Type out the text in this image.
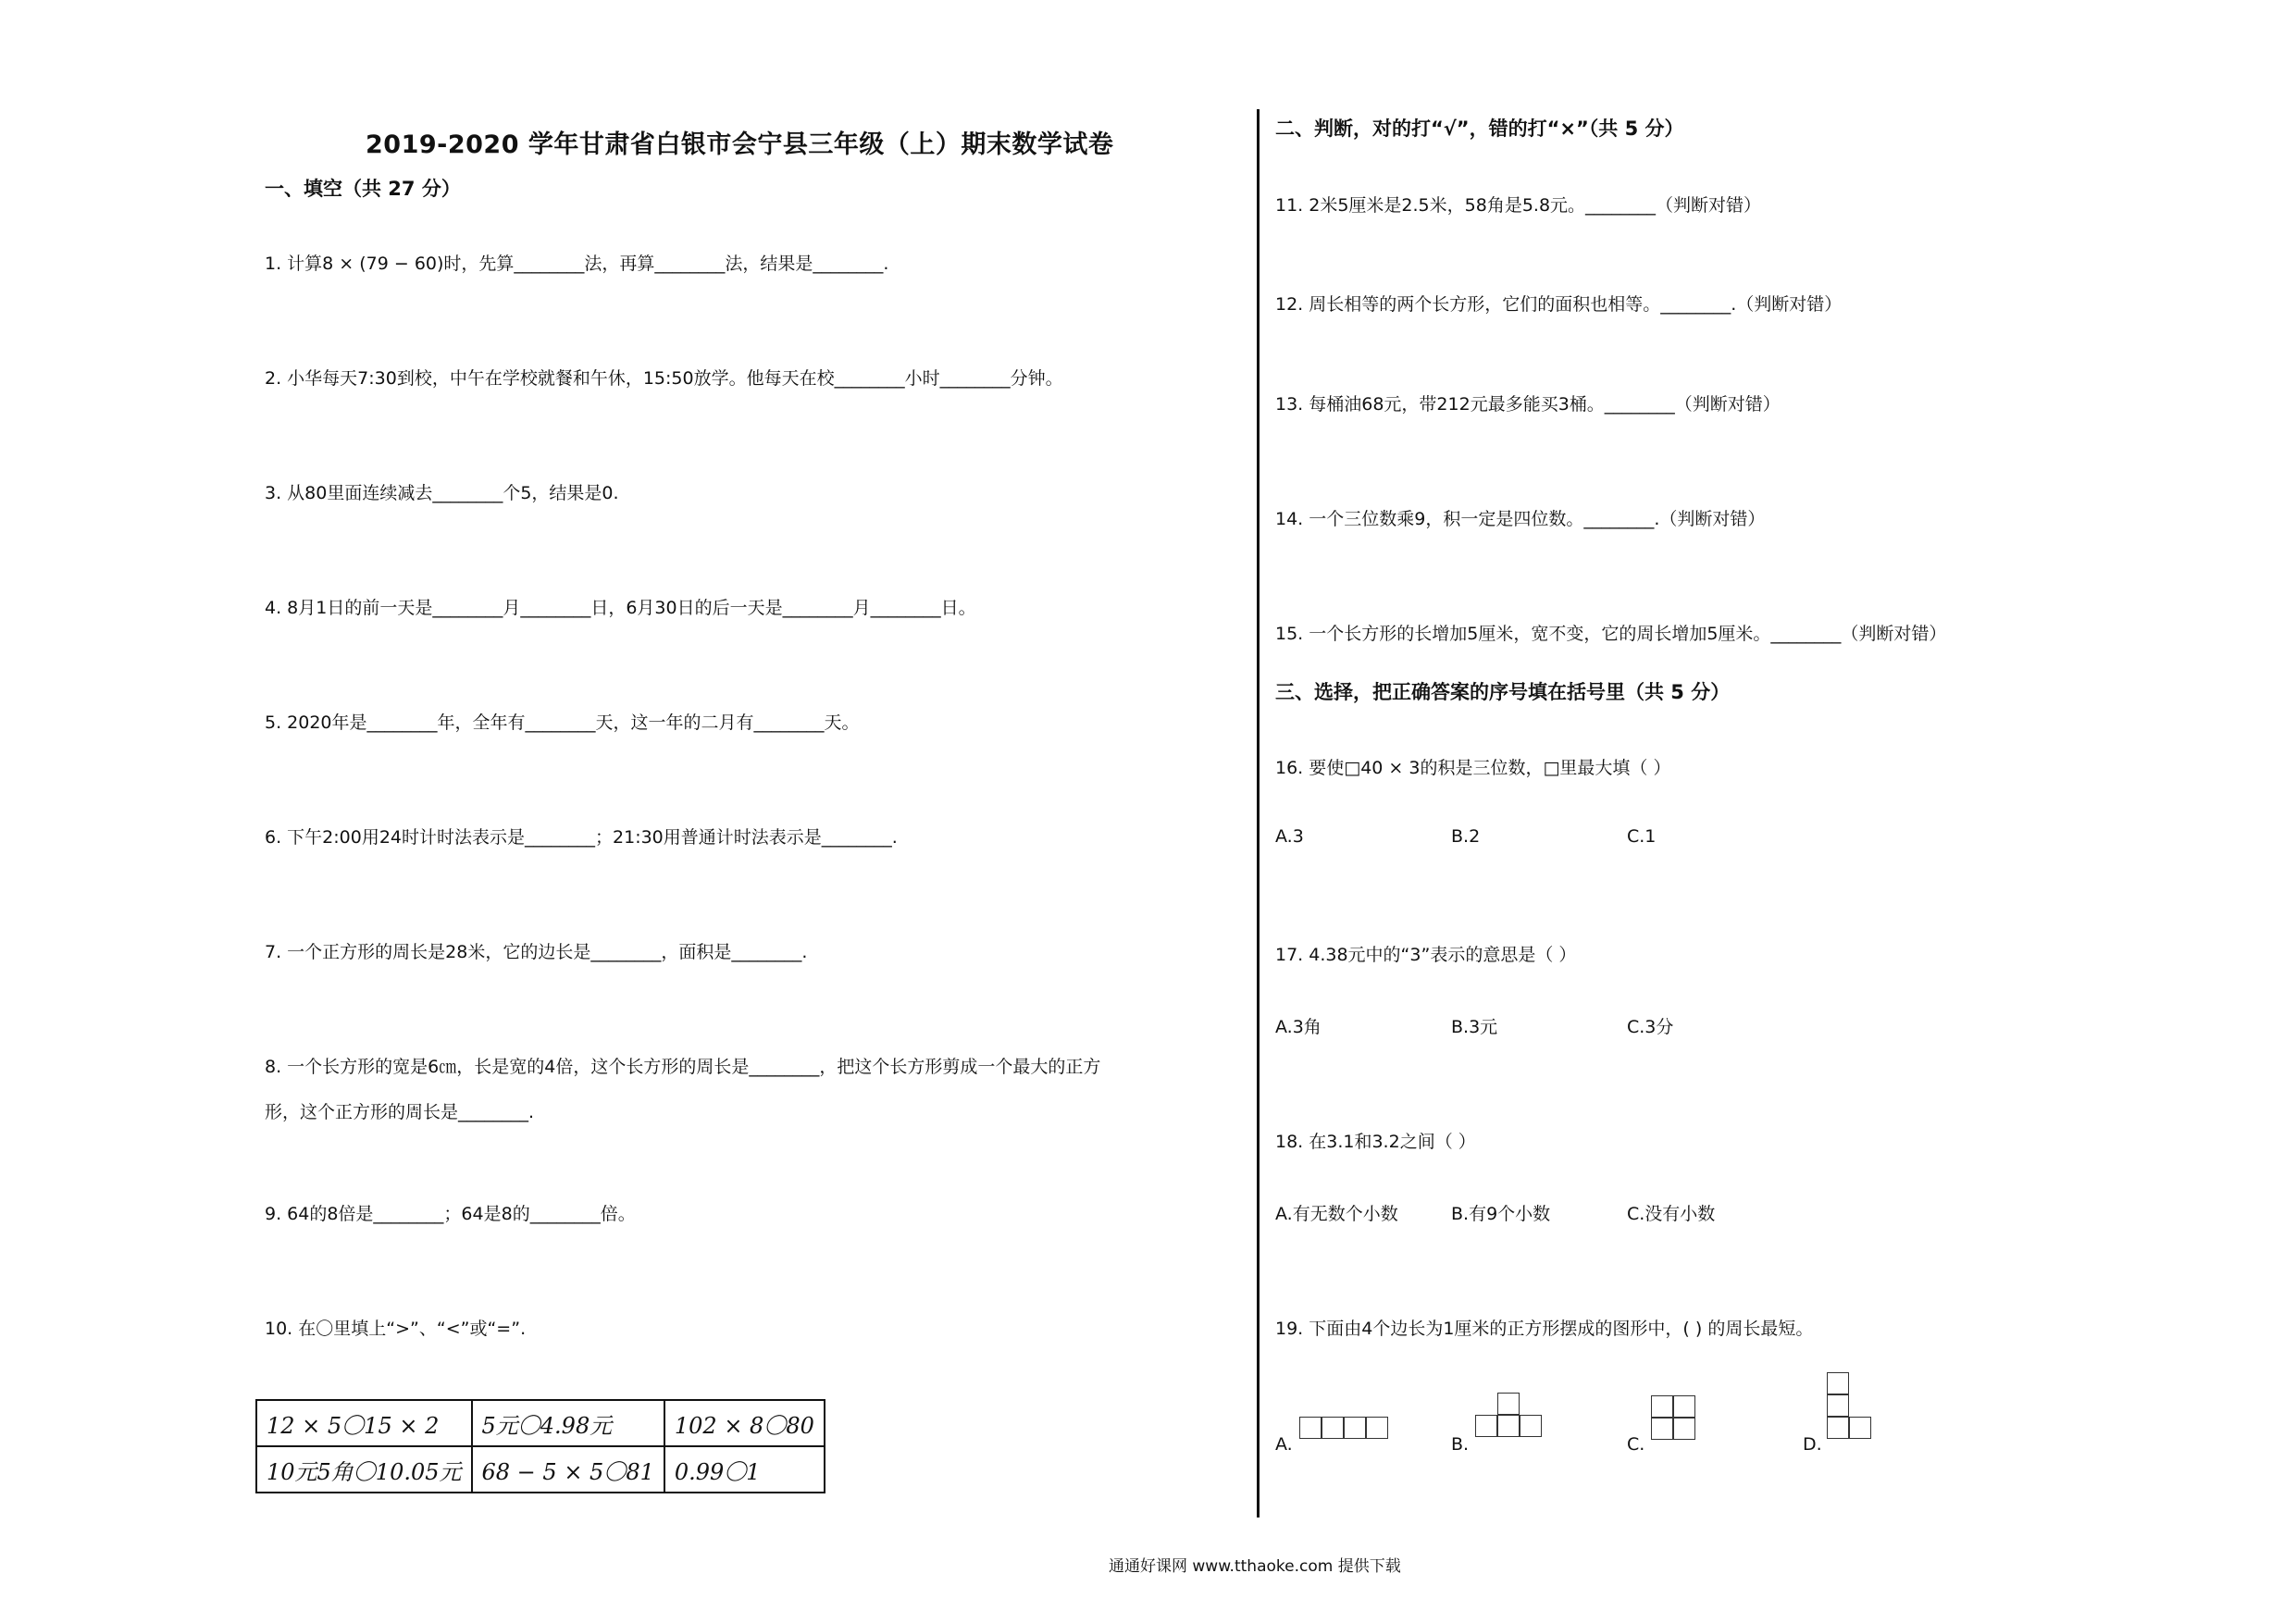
2019-2020 学年甘肃省白银市会宁县三年级（上）期末数学试卷
一、填空（共 27 分）
1. 计算8 × (79 − 60)时，先算________法，再算________法，结果是________.
2. 小华每天7:30到校，中午在学校就餐和午休，15:50放学。他每天在校________小时________分钟。
3. 从80里面连续减去________个5，结果是0.
4. 8月1日的前一天是________月________日，6月30日的后一天是________月________日。
5. 2020年是________年，全年有________天，这一年的二月有________天。
6. 下午2:00用24时计时法表示是________；21:30用普通计时法表示是________.
7. 一个正方形的周长是28米，它的边长是________，面积是________.
8. 一个长方形的宽是6㎝，长是宽的4倍，这个长方形的周长是________，把这个长方形剪成一个最大的正方
形，这个正方形的周长是________.
9. 64的8倍是________；64是8的________倍。
10. 在〇里填上“>”、“<”或“=”.
12 × 5〇15 × 2	5元〇4.98元	102 × 8〇80
10元5角〇10.05元	68 − 5 × 5〇81	0.99〇1
二、判断，对的打“√”，错的打“×”（共 5 分）
11. 2米5厘米是2.5米，58角是5.8元。________（判断对错）
12. 周长相等的两个长方形，它们的面积也相等。________.（判断对错）
13. 每桶油68元，带212元最多能买3桶。________（判断对错）
14. 一个三位数乘9，积一定是四位数。________.（判断对错）
15. 一个长方形的长增加5厘米，宽不变，它的周长增加5厘米。________（判断对错）
三、选择，把正确答案的序号填在括号里（共 5 分）
16. 要使□40 × 3的积是三位数，□里最大填（ ）
A.3	B.2	C.1
17. 4.38元中的“3”表示的意思是（ ）
A.3角	B.3元	C.3分
18. 在3.1和3.2之间（ ）
A.有无数个小数	B.有9个小数	C.没有小数
19. 下面由4个边长为1厘米的正方形摆成的图形中，( ) 的周长最短。
A.	B.	C.	D.
通通好课网 www.tthaoke.com 提供下载
